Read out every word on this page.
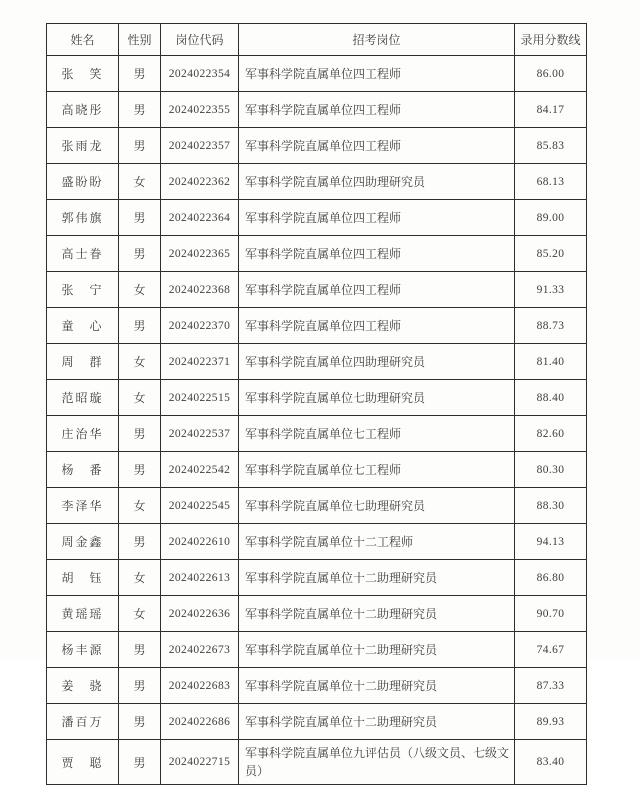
姓名	性别	岗位代码	招考岗位	录用分数线
张　笑	男	2024022354	军事科学院直属单位四工程师	86.00
高晓彤	男	2024022355	军事科学院直属单位四工程师	84.17
张雨龙	男	2024022357	军事科学院直属单位四工程师	85.83
盛盼盼	女	2024022362	军事科学院直属单位四助理研究员	68.13
郭伟旗	男	2024022364	军事科学院直属单位四工程师	89.00
高士眷	男	2024022365	军事科学院直属单位四工程师	85.20
张　宁	女	2024022368	军事科学院直属单位四工程师	91.33
童　心	男	2024022370	军事科学院直属单位四工程师	88.73
周　群	女	2024022371	军事科学院直属单位四助理研究员	81.40
范昭璇	女	2024022515	军事科学院直属单位七助理研究员	88.40
庄治华	男	2024022537	军事科学院直属单位七工程师	82.60
杨　番	男	2024022542	军事科学院直属单位七工程师	80.30
李泽华	女	2024022545	军事科学院直属单位七助理研究员	88.30
周金鑫	男	2024022610	军事科学院直属单位十二工程师	94.13
胡　钰	女	2024022613	军事科学院直属单位十二助理研究员	86.80
黄瑶瑶	女	2024022636	军事科学院直属单位十二助理研究员	90.70
杨丰源	男	2024022673	军事科学院直属单位十二助理研究员	74.67
姜　骁	男	2024022683	军事科学院直属单位十二助理研究员	87.33
潘百万	男	2024022686	军事科学院直属单位十二助理研究员	89.93
贾　聪	男	2024022715	军事科学院直属单位九评估员（八级文员、七级文员）	83.40
